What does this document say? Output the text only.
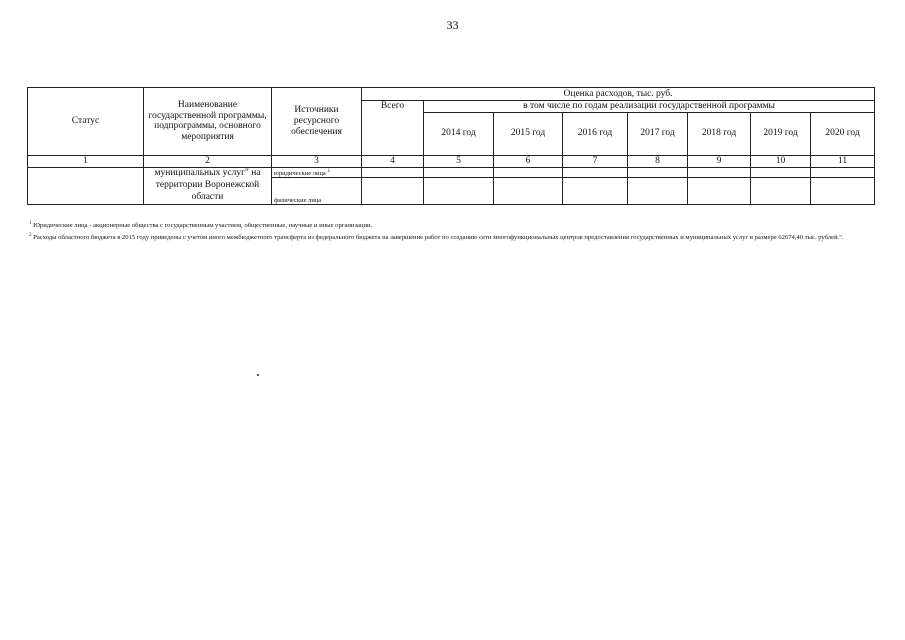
33
Статус	Наименование государственной программы, подпрограммы, основного мероприятия	Источники ресурсного обеспечения	Оценка расходов, тыс. руб.							
			Всего	в том числе по годам реализации государственной программы						
				2014 год	2015 год	2016 год	2017 год	2018 год	2019 год	2020 год
1	2	3	4	5	6	7	8	9	10	11
	муниципальных услуг" на территории Воронежской области	юридические лица $^1$								
		физические лица								
$^1$ Юридические лица - акционерные общества с государственным участием, общественные, научные и иные организации.
$^2$ Расходы областного бюджета в 2015 году приведены с учетом иного межбюджетного трансферта из федерального бюджета на завершение работ по созданию сети многофункциональных центров предоставления государственных и муниципальных услуг в размере 62674,40 тыс. рублей.".
